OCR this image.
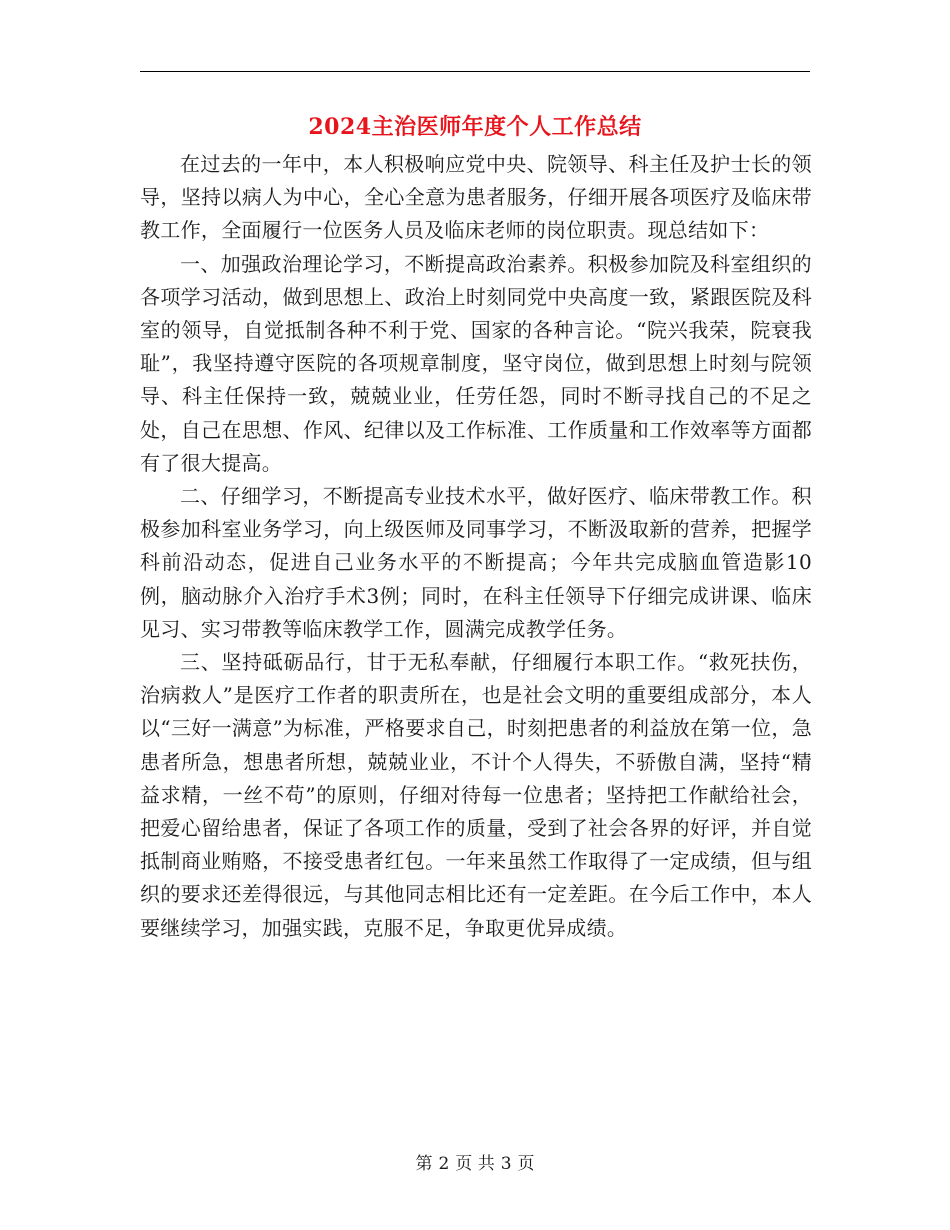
2024主治医师年度个人工作总结

在过去的一年中，本人积极响应党中央、院领导、科主任及护士长的领导，坚持以病人为中心，全心全意为患者服务，仔细开展各项医疗及临床带教工作，全面履行一位医务人员及临床老师的岗位职责。现总结如下：

一、加强政治理论学习，不断提高政治素养。积极参加院及科室组织的各项学习活动，做到思想上、政治上时刻同党中央高度一致，紧跟医院及科室的领导，自觉抵制各种不利于党、国家的各种言论。“院兴我荣，院衰我耻”，我坚持遵守医院的各项规章制度，坚守岗位，做到思想上时刻与院领导、科主任保持一致，兢兢业业，任劳任怨，同时不断寻找自己的不足之处，自己在思想、作风、纪律以及工作标准、工作质量和工作效率等方面都有了很大提高。

二、仔细学习，不断提高专业技术水平，做好医疗、临床带教工作。积极参加科室业务学习，向上级医师及同事学习，不断汲取新的营养，把握学科前沿动态，促进自己业务水平的不断提高；今年共完成脑血管造影10例，脑动脉介入治疗手术3例；同时，在科主任领导下仔细完成讲课、临床见习、实习带教等临床教学工作，圆满完成教学任务。

三、坚持砥砺品行，甘于无私奉献，仔细履行本职工作。“救死扶伤，治病救人”是医疗工作者的职责所在，也是社会文明的重要组成部分，本人以“三好一满意”为标准，严格要求自己，时刻把患者的利益放在第一位，急患者所急，想患者所想，兢兢业业，不计个人得失，不骄傲自满，坚持“精益求精，一丝不苟”的原则，仔细对待每一位患者；坚持把工作献给社会，把爱心留给患者，保证了各项工作的质量，受到了社会各界的好评，并自觉抵制商业贿赂，不接受患者红包。一年来虽然工作取得了一定成绩，但与组织的要求还差得很远，与其他同志相比还有一定差距。在今后工作中，本人要继续学习，加强实践，克服不足，争取更优异成绩。

第 2 页 共 3 页
